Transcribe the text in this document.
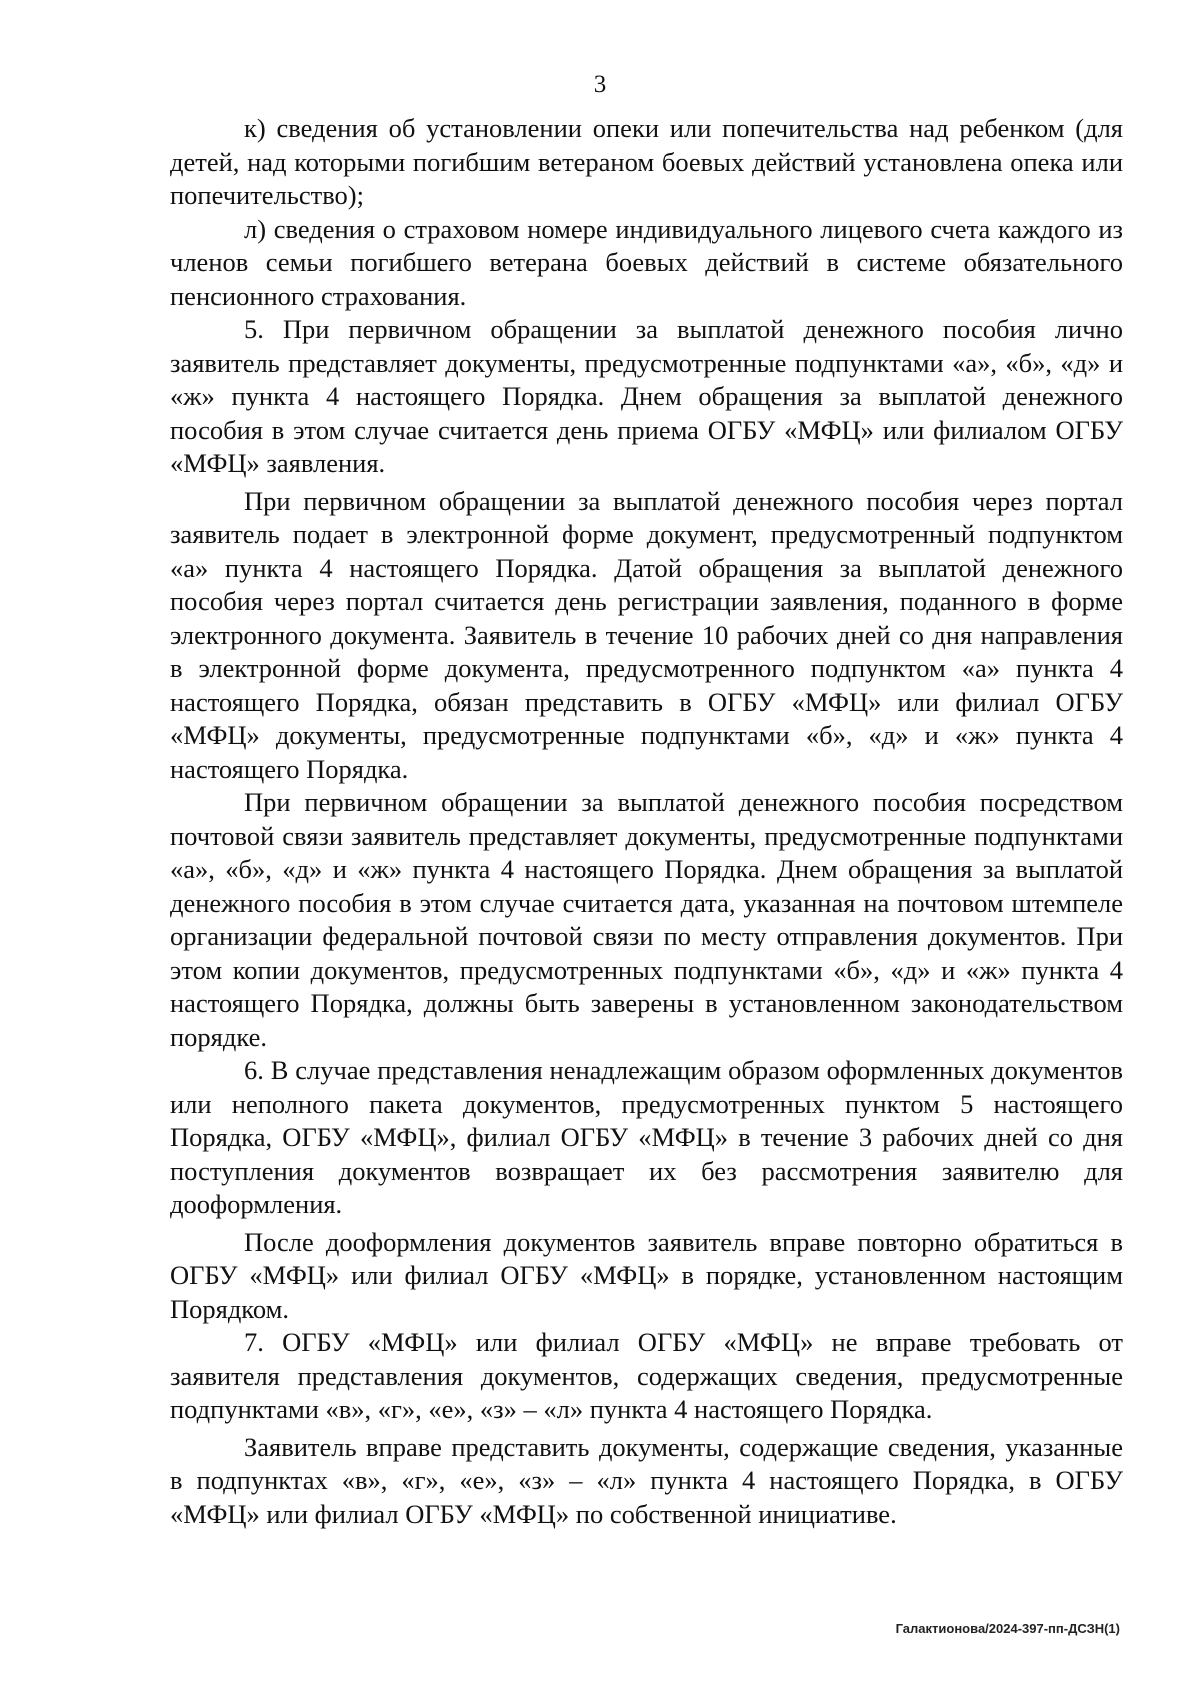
3

к) сведения об установлении опеки или попечительства над ребенком (для детей, над которыми погибшим ветераном боевых действий установлена опека или попечительство);

л) сведения о страховом номере индивидуального лицевого счета каждого из членов семьи погибшего ветерана боевых действий в системе обязательного пенсионного страхования.

5. При первичном обращении за выплатой денежного пособия лично заявитель представляет документы, предусмотренные подпунктами «а», «б», «д» и «ж» пункта 4 настоящего Порядка. Днем обращения за выплатой денежного пособия в этом случае считается день приема ОГБУ «МФЦ» или филиалом ОГБУ «МФЦ» заявления.

При первичном обращении за выплатой денежного пособия через портал заявитель подает в электронной форме документ, предусмотренный подпунктом «а» пункта 4 настоящего Порядка. Датой обращения за выплатой денежного пособия через портал считается день регистрации заявления, поданного в форме электронного документа. Заявитель в течение 10 рабочих дней со дня направления в электронной форме документа, предусмотренного подпунктом «а» пункта 4 настоящего Порядка, обязан представить в ОГБУ «МФЦ» или филиал ОГБУ «МФЦ» документы, предусмотренные подпунктами «б», «д» и «ж» пункта 4 настоящего Порядка.

При первичном обращении за выплатой денежного пособия посредством почтовой связи заявитель представляет документы, предусмотренные подпунктами «а», «б», «д» и «ж» пункта 4 настоящего Порядка. Днем обращения за выплатой денежного пособия в этом случае считается дата, указанная на почтовом штемпеле организации федеральной почтовой связи по месту отправления документов. При этом копии документов, предусмотренных подпунктами «б», «д» и «ж» пункта 4 настоящего Порядка, должны быть заверены в установленном законодательством порядке.

6. В случае представления ненадлежащим образом оформленных документов или неполного пакета документов, предусмотренных пунктом 5 настоящего Порядка, ОГБУ «МФЦ», филиал ОГБУ «МФЦ» в течение 3 рабочих дней со дня поступления документов возвращает их без рассмотрения заявителю для дооформления.

После дооформления документов заявитель вправе повторно обратиться в ОГБУ «МФЦ» или филиал ОГБУ «МФЦ» в порядке, установленном настоящим Порядком.

7. ОГБУ «МФЦ» или филиал ОГБУ «МФЦ» не вправе требовать от заявителя представления документов, содержащих сведения, предусмотренные подпунктами «в», «г», «е», «з» – «л» пункта 4 настоящего Порядка.

Заявитель вправе представить документы, содержащие сведения, указанные в подпунктах «в», «г», «е», «з» – «л» пункта 4 настоящего Порядка, в ОГБУ «МФЦ» или филиал ОГБУ «МФЦ» по собственной инициативе.

Галактионова/2024-397-пп-ДСЗН(1)
